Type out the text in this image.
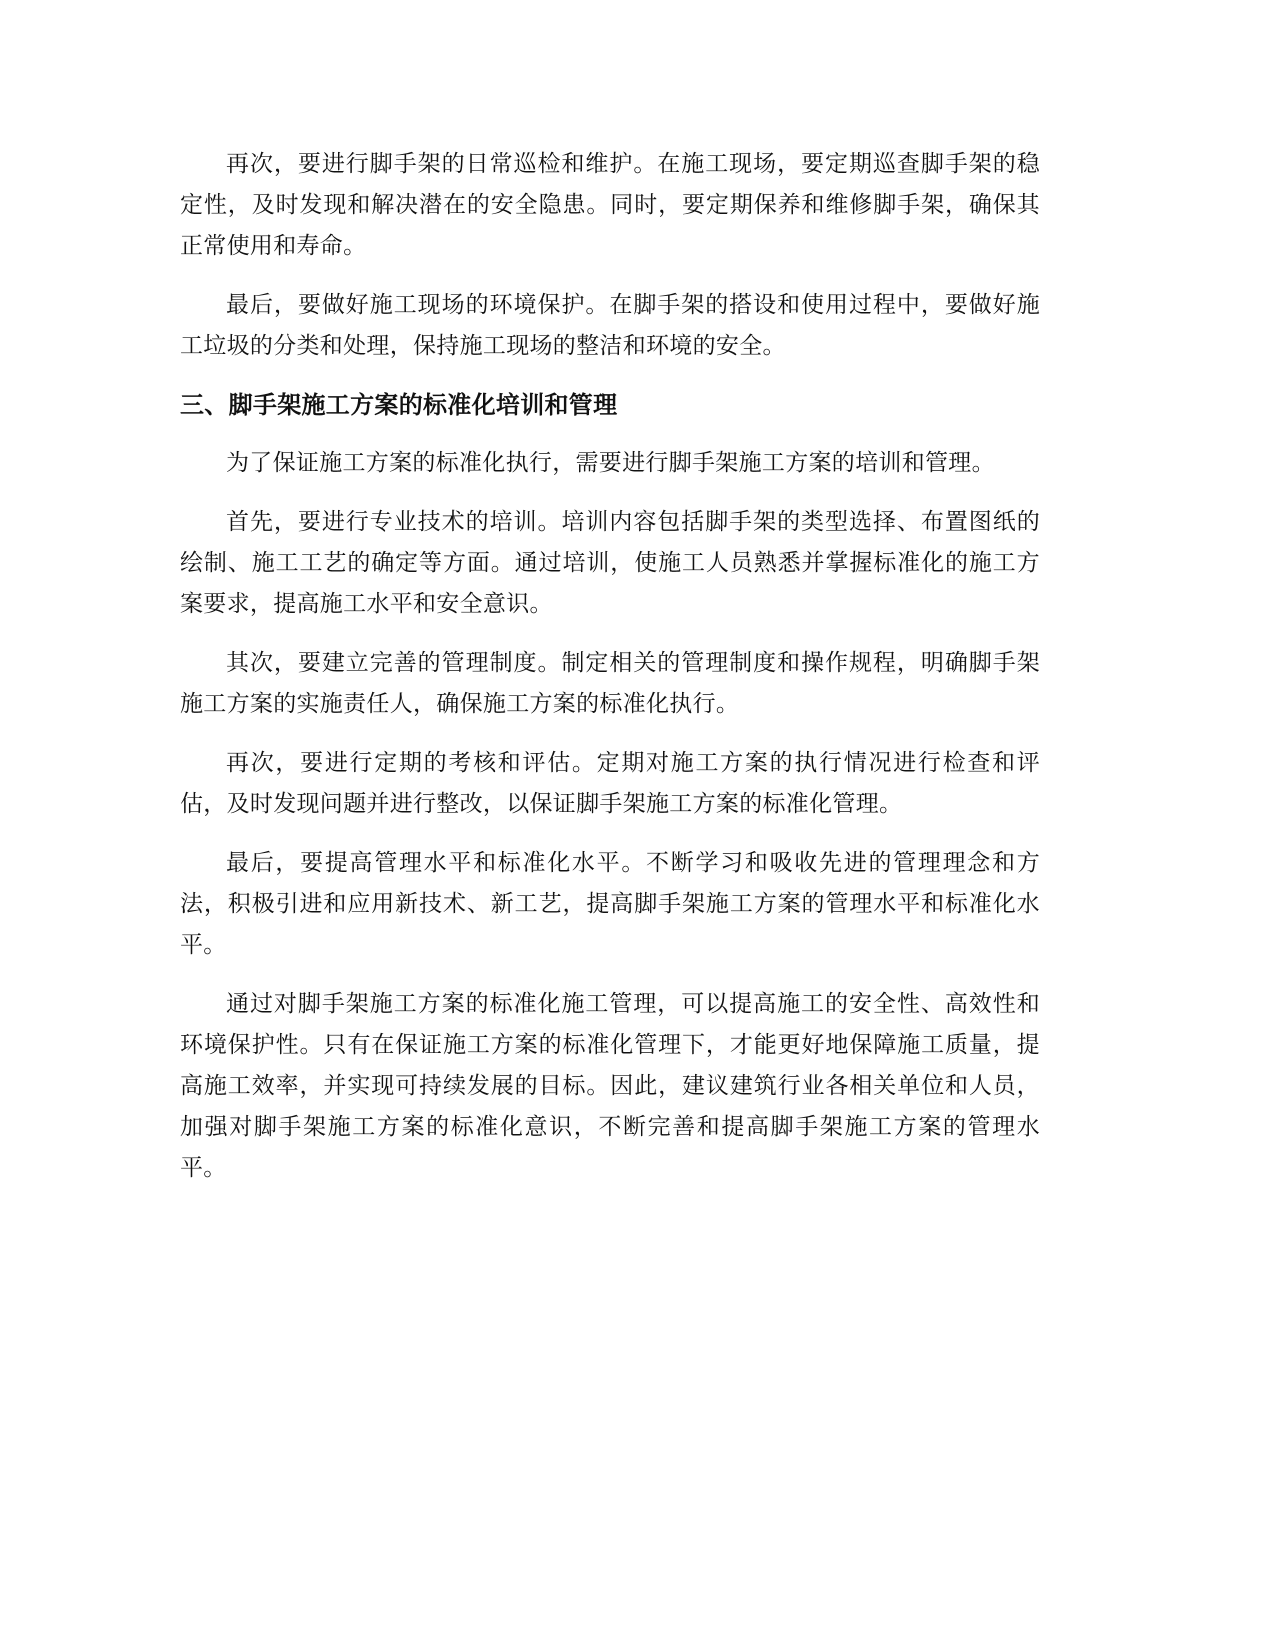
再次，要进行脚手架的日常巡检和维护。在施工现场，要定期巡查脚手架的稳定性，及时发现和解决潜在的安全隐患。同时，要定期保养和维修脚手架，确保其正常使用和寿命。

最后，要做好施工现场的环境保护。在脚手架的搭设和使用过程中，要做好施工垃圾的分类和处理，保持施工现场的整洁和环境的安全。

三、脚手架施工方案的标准化培训和管理

为了保证施工方案的标准化执行，需要进行脚手架施工方案的培训和管理。

首先，要进行专业技术的培训。培训内容包括脚手架的类型选择、布置图纸的绘制、施工工艺的确定等方面。通过培训，使施工人员熟悉并掌握标准化的施工方案要求，提高施工水平和安全意识。

其次，要建立完善的管理制度。制定相关的管理制度和操作规程，明确脚手架施工方案的实施责任人，确保施工方案的标准化执行。

再次，要进行定期的考核和评估。定期对施工方案的执行情况进行检查和评估，及时发现问题并进行整改，以保证脚手架施工方案的标准化管理。

最后，要提高管理水平和标准化水平。不断学习和吸收先进的管理理念和方法，积极引进和应用新技术、新工艺，提高脚手架施工方案的管理水平和标准化水平。

通过对脚手架施工方案的标准化施工管理，可以提高施工的安全性、高效性和环境保护性。只有在保证施工方案的标准化管理下，才能更好地保障施工质量，提高施工效率，并实现可持续发展的目标。因此，建议建筑行业各相关单位和人员，加强对脚手架施工方案的标准化意识，不断完善和提高脚手架施工方案的管理水平。
